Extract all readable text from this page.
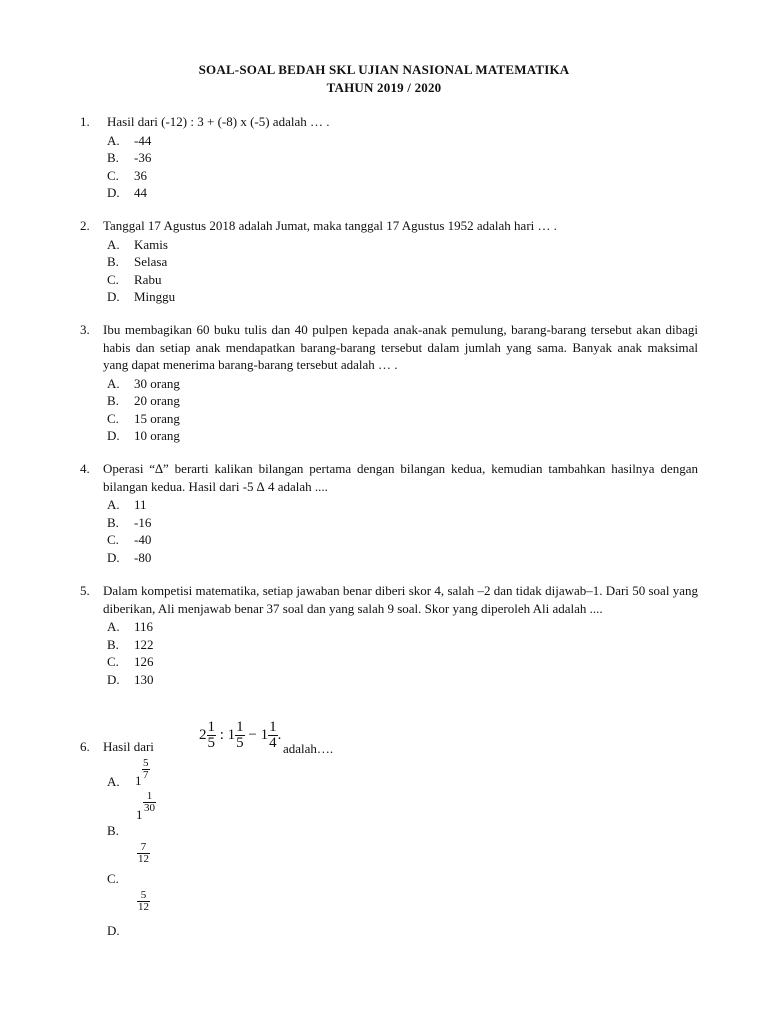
SOAL-SOAL BEDAH SKL UJIAN NASIONAL MATEMATIKA
TAHUN 2019 / 2020
1. Hasil dari (-12) : 3 + (-8) x (-5) adalah … .
A. -44
B. -36
C. 36
D. 44
2. Tanggal 17 Agustus 2018 adalah Jumat, maka tanggal 17 Agustus 1952 adalah hari … .
A. Kamis
B. Selasa
C. Rabu
D. Minggu
3. Ibu membagikan 60 buku tulis dan 40 pulpen kepada anak-anak pemulung, barang-barang tersebut akan dibagi habis dan setiap anak mendapatkan barang-barang tersebut dalam jumlah yang sama. Banyak anak maksimal yang dapat menerima barang-barang tersebut adalah … .
A. 30 orang
B. 20 orang
C. 15 orang
D. 10 orang
4. Operasi “∆” berarti kalikan bilangan pertama dengan bilangan kedua, kemudian tambahkan hasilnya dengan bilangan kedua. Hasil dari -5 ∆ 4 adalah ....
A. 11
B. -16
C. -40
D. -80
5. Dalam kompetisi matematika, setiap jawaban benar diberi skor 4, salah –2 dan tidak dijawab–1. Dari 50 soal yang diberikan, Ali menjawab benar 37 soal dan yang salah 9 soal. Skor yang diperoleh Ali adalah ....
A. 116
B. 122
C. 126
D. 130
6. Hasil dari
$2 \frac{1}{5}$ : $1 \frac{1}{5} - 1 \frac{1}{4}$ .
adalah….
A. $1 \frac{5}{7}$
1
$\frac{1}{30}$
B.
$\frac{7}{12}$
C.
$\frac{5}{12}$
D.
